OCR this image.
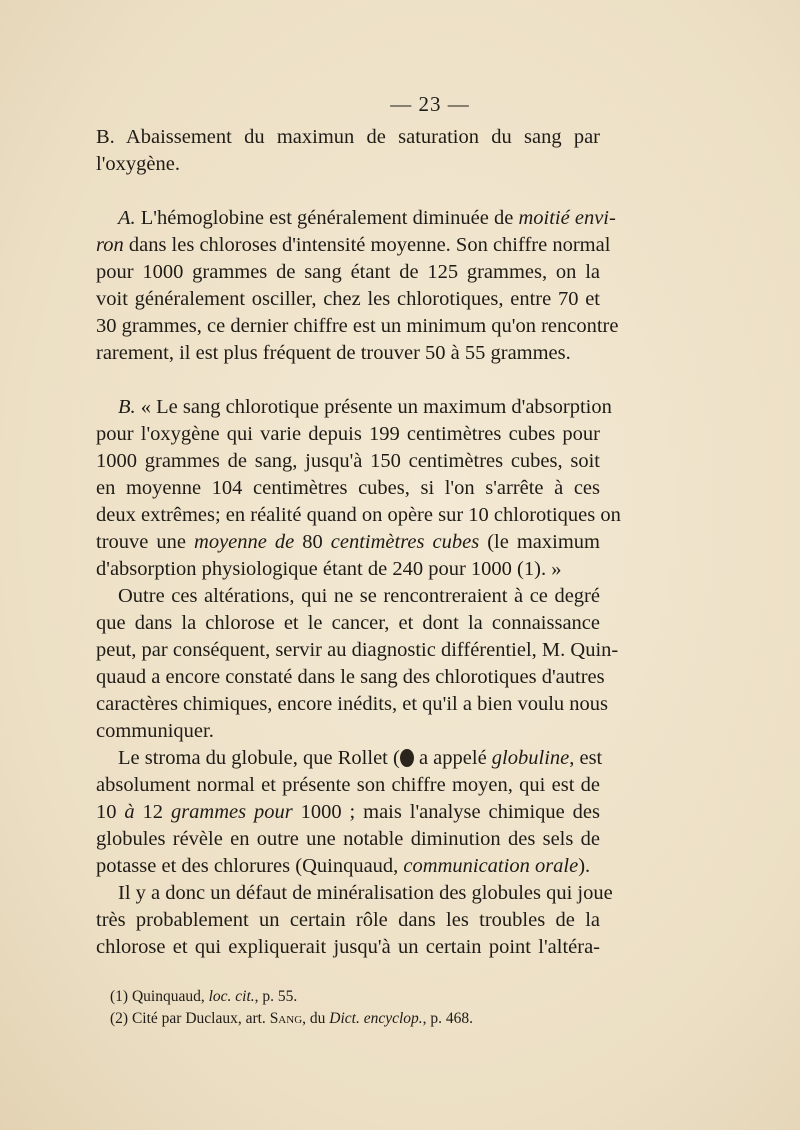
— 23 —

B. Abaissement du maximun de saturation du sang par
l'oxygène.

A. L'hémoglobine est généralement diminuée de moitié envi-
ron dans les chloroses d'intensité moyenne. Son chiffre normal
pour 1000 grammes de sang étant de 125 grammes, on la
voit généralement osciller, chez les chlorotiques, entre 70 et
30 grammes, ce dernier chiffre est un minimum qu'on rencontre
rarement, il est plus fréquent de trouver 50 à 55 grammes.

B. « Le sang chlorotique présente un maximum d'absorption
pour l'oxygène qui varie depuis 199 centimètres cubes pour
1000 grammes de sang, jusqu'à 150 centimètres cubes, soit
en moyenne 104 centimètres cubes, si l'on s'arrête à ces
deux extrêmes; en réalité quand on opère sur 10 chlorotiques on
trouve une moyenne de 80 centimètres cubes (le maximum
d'absorption physiologique étant de 240 pour 1000 (1). »

Outre ces altérations, qui ne se rencontreraient à ce degré
que dans la chlorose et le cancer, et dont la connaissance
peut, par conséquent, servir au diagnostic différentiel, M. Quin-
quaud a encore constaté dans le sang des chlorotiques d'autres
caractères chimiques, encore inédits, et qu'il a bien voulu nous
communiquer.

Le stroma du globule, que Rollet ( a appelé globuline, est
absolument normal et présente son chiffre moyen, qui est de
10 à 12 grammes pour 1000 ; mais l'analyse chimique des
globules révèle en outre une notable diminution des sels de
potasse et des chlorures (Quinquaud, communication orale).

Il y a donc un défaut de minéralisation des globules qui joue
très probablement un certain rôle dans les troubles de la
chlorose et qui expliquerait jusqu'à un certain point l'altéra-

(1) Quinquaud, loc. cit., p. 55.
(2) Cité par Duclaux, art. Sang, du Dict. encyclop., p. 468.
